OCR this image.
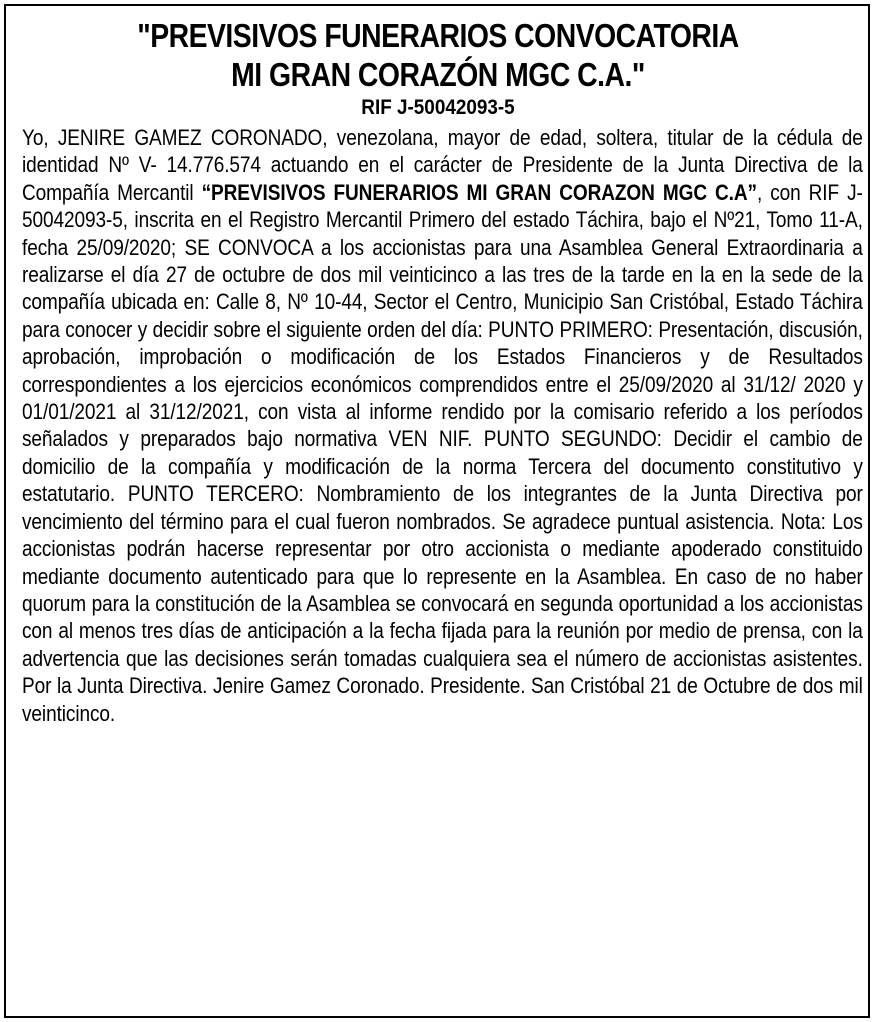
"PREVISIVOS FUNERARIOS CONVOCATORIA
MI GRAN CORAZÓN MGC C.A."
RIF J-50042093-5

Yo, JENIRE GAMEZ CORONADO, venezolana, mayor de edad, soltera, titular de la cédula de identidad Nº V- 14.776.574 actuando en el carácter de Presidente de la Junta Directiva de la Compañía Mercantil “PREVISIVOS FUNERARIOS MI GRAN CORAZON MGC C.A”, con RIF J-50042093-5, inscrita en el Registro Mercantil Primero del estado Táchira, bajo el Nº21, Tomo 11-A, fecha 25/09/2020; SE CONVOCA a los accionistas para una Asamblea General Extraordinaria a realizarse el día 27 de octubre de dos mil veinticinco a las tres de la tarde en la en la sede de la compañía ubicada en: Calle 8, Nº 10-44, Sector el Centro, Municipio San Cristóbal, Estado Táchira para conocer y decidir sobre el siguiente orden del día: PUNTO PRIMERO: Presentación, discusión, aprobación, improbación o modificación de los Estados Financieros y de Resultados correspondientes a los ejercicios económicos comprendidos entre el 25/09/2020 al 31/12/ 2020 y 01/01/2021 al 31/12/2021, con vista al informe rendido por la comisario referido a los períodos señalados y preparados bajo normativa VEN NIF. PUNTO SEGUNDO: Decidir el cambio de domicilio de la compañía y modificación de la norma Tercera del documento constitutivo y estatutario. PUNTO TERCERO: Nombramiento de los integrantes de la Junta Directiva por vencimiento del término para el cual fueron nombrados. Se agradece puntual asistencia. Nota: Los accionistas podrán hacerse representar por otro accionista o mediante apoderado constituido mediante documento autenticado para que lo represente en la Asamblea. En caso de no haber quorum para la constitución de la Asamblea se convocará en segunda oportunidad a los accionistas con al menos tres días de anticipación a la fecha fijada para la reunión por medio de prensa, con la advertencia que las decisiones serán tomadas cualquiera sea el número de accionistas asistentes. Por la Junta Directiva. Jenire Gamez Coronado. Presidente. San Cristóbal 21 de Octubre de dos mil veinticinco.
